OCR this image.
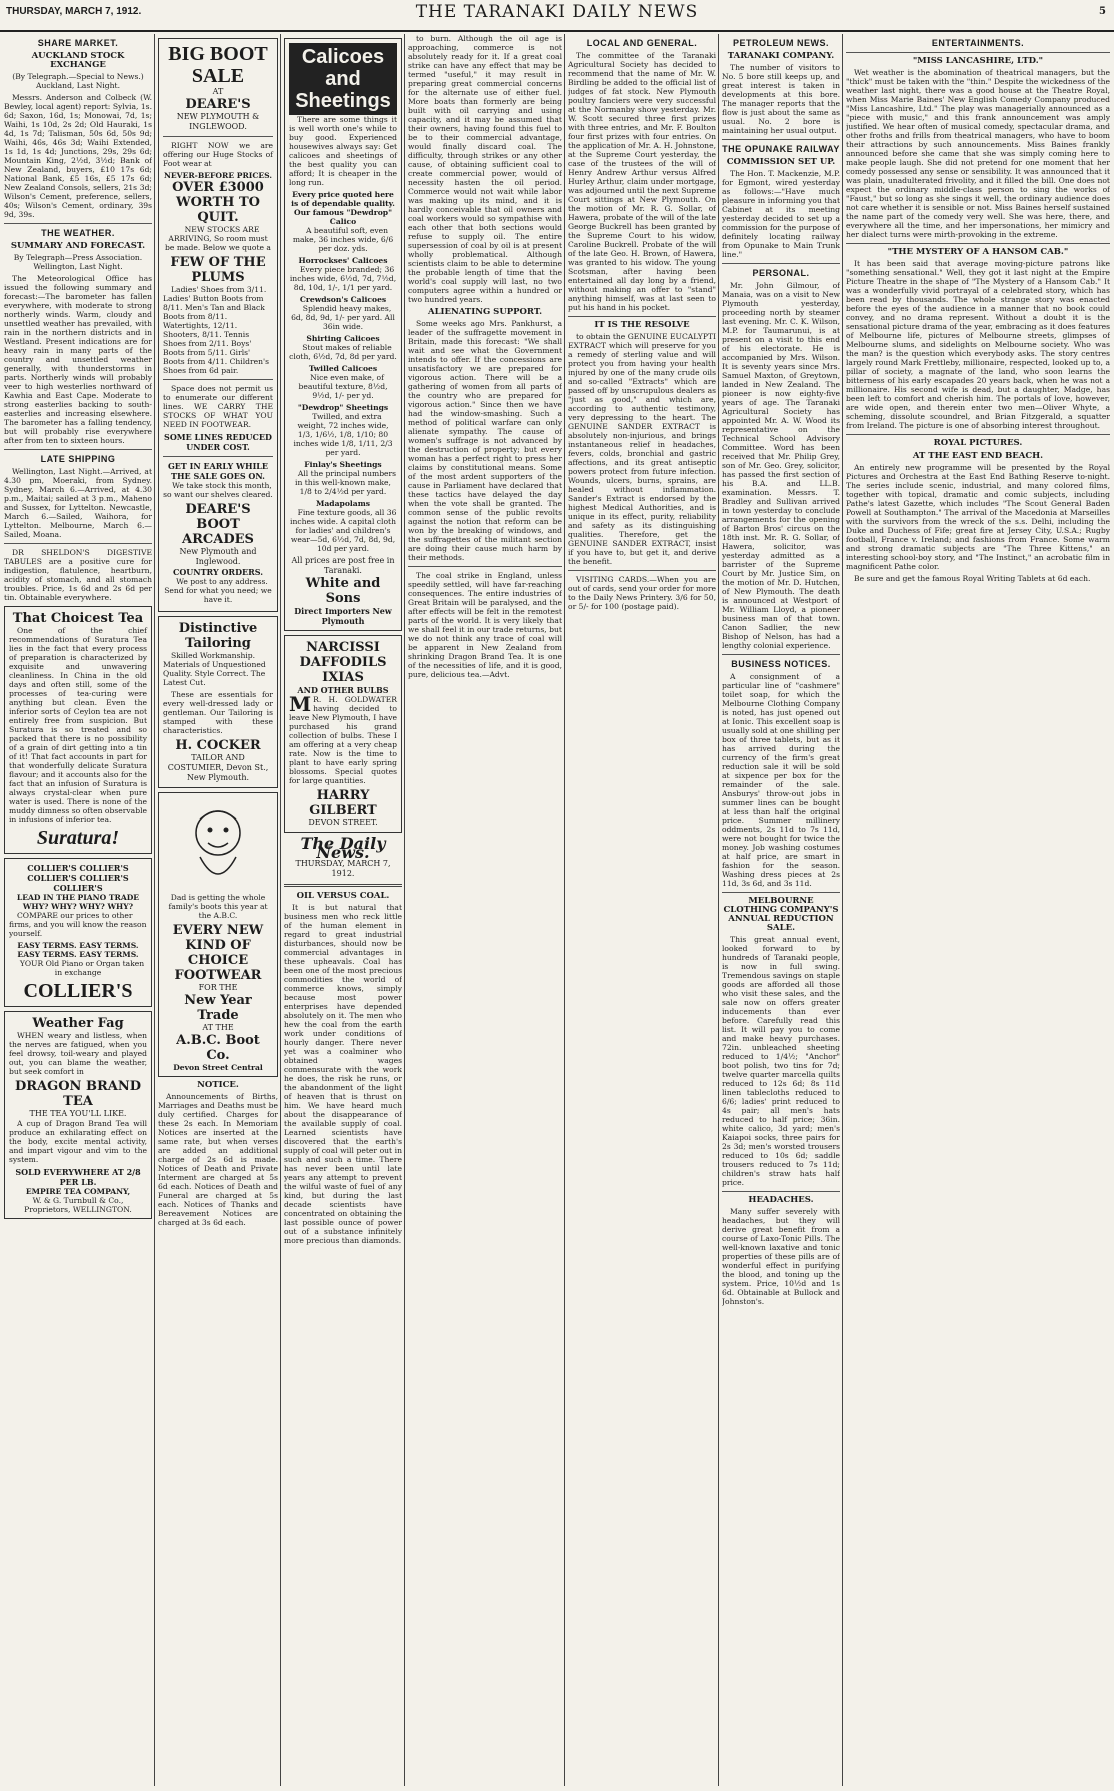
THURSDAY, MARCH 7, 1912.	THE TARANAKI DAILY NEWS	5
SHARE MARKET.
AUCKLAND STOCK EXCHANGE

(By Telegraph.—Special to News.) Auckland, Last Night.

Messrs. Anderson and Colbeck (W. Bewley, local agent) report: Sylvia, 1s. 6d; Saxon, 16d, 1s; Monowai, 7d, 1s; Waihi, 1s 10d, 2s 2d; Old Hauraki, 1s 4d, 1s 7d; Talisman, 50s 6d, 50s 9d; Waihi, 46s, 46s 3d; Waihi Extended, 1s 1d, 1s 4d; Junctions, 29s, 29s 6d; Mountain King, 2½d, 3½d; Bank of New Zealand, buyers, £10 17s 6d; National Bank, £5 16s, £5 17s 6d; New Zealand Consols, sellers, 21s 3d; Wilson's Cement, preference, sellers, 40s; Wilson's Cement, ordinary, 39s 9d, 39s.

THE WEATHER.
SUMMARY AND FORECAST.

By Telegraph—Press Association. Wellington, Last Night.

The Meteorological Office has issued the following summary and forecast:—The barometer has fallen everywhere, with moderate to strong northerly winds. Warm, cloudy and unsettled weather has prevailed, with rain in the northern districts and in Westland. Present indications are for heavy rain in many parts of the country and unsettled weather generally, with thunderstorms in parts. Northerly winds will probably veer to high westerlies northward of Kawhia and East Cape. Moderate to strong easterlies backing to south-easterlies and increasing elsewhere. The barometer has a falling tendency, but will probably rise everywhere after from ten to sixteen hours.

LATE SHIPPING

Wellington, Last Night.—Arrived, at 4.30 pm, Moeraki, from Sydney. Sydney, March 6.—Arrived, at 4.30 p.m., Maitai; sailed at 3 p.m., Maheno and Sussex, for Lyttelton. Newcastle, March 6.—Sailed, Waihora, for Lyttelton. Melbourne, March 6.—Sailed, Moana.

DR SHELDON'S DIGESTIVE TABULES are a positive cure for indigestion, flatulence, heartburn, acidity of stomach, and all stomach troubles. Price, 1s 6d and 2s 6d per tin. Obtainable everywhere.

That Choicest Tea

One of the chief recommendations of Suratura Tea lies in the fact that every process of preparation is characterized by exquisite and unwavering cleanliness. In China in the old days and often still, some of the processes of tea-curing were anything but clean. Even the inferior sorts of Ceylon tea are not entirely free from suspicion. But Suratura is so treated and so packed that there is no possibility of a grain of dirt getting into a tin of it! That fact accounts in part for that wonderfully delicate Suratura flavour; and it accounts also for the fact that an infusion of Suratura is always crystal-clear when pure water is used. There is none of the muddy dimness so often observable in infusions of inferior tea.

Suratura!
COLLIER'S COLLIER'S COLLIER'S COLLIER'S COLLIER'S
LEAD IN THE PIANO TRADE
WHY? WHY? WHY? WHY?

COMPARE our prices to other firms, and you will know the reason yourself.

EASY TERMS. EASY TERMS. EASY TERMS. EASY TERMS.

YOUR Old Piano or Organ taken in exchange

COLLIER'S
Weather Fag

WHEN weary and listless, when the nerves are fatigued, when you feel drowsy, toil-weary and played out, you can blame the weather, but seek comfort in

DRAGON BRAND TEA
THE TEA YOU'LL LIKE.

A cup of Dragon Brand Tea will produce an exhilarating effect on the body, excite mental activity, and impart vigour and vim to the system.

SOLD EVERYWHERE AT 2/8 PER LB.
EMPIRE TEA COMPANY,
W. & G. Turnbull & Co.,
Proprietors, WELLINGTON.
BIG BOOT SALE
AT
DEARE'S
NEW PLYMOUTH & INGLEWOOD.

RIGHT NOW we are offering our Huge Stocks of Foot wear at

NEVER-BEFORE PRICES.
OVER £3000 WORTH TO QUIT.

NEW STOCKS ARE ARRIVING, So room must be made. Below we quote a

FEW OF THE PLUMS

Ladies' Shoes from 3/11. Ladies' Button Boots from 8/11. Men's Tan and Black Boots from 8/11. Watertights, 12/11. Shooters, 8/11. Tennis Shoes from 2/11. Boys' Boots from 5/11. Girls' Boots from 4/11. Children's Shoes from 6d pair.

Space does not permit us to enumerate our different lines. WE CARRY THE STOCKS OF WHAT YOU NEED IN FOOTWEAR.

SOME LINES REDUCED UNDER COST.
GET IN EARLY WHILE THE SALE GOES ON.

We take stock this month, so want our shelves cleared.

DEARE'S BOOT ARCADES
New Plymouth and Inglewood.
COUNTRY ORDERS.

We post to any address. Send for what you need; we have it.

Distinctive Tailoring

Skilled Workmanship. Materials of Unquestioned Quality. Style Correct. The Latest Cut.

These are essentials for every well-dressed lady or gentleman. Our Tailoring is stamped with these characteristics.

H. COCKER
TAILOR AND COSTUMIER, Devon St., New Plymouth.

Dad is getting the whole family's boots this year at the A.B.C.

EVERY NEW KIND OF
CHOICE FOOTWEAR
FOR THE
New Year Trade
AT THE
A.B.C. Boot Co.
Devon Street Central
NOTICE.

Announcements of Births, Marriages and Deaths must be duly certified. Charges for these 2s each. In Memoriam Notices are inserted at the same rate, but when verses are added an additional charge of 2s 6d is made. Notices of Death and Private Interment are charged at 5s 6d each. Notices of Death and Funeral are charged at 5s each. Notices of Thanks and Bereavement Notices are charged at 3s 6d each.

Calicoes and Sheetings

There are some things it is well worth one's while to buy good. Experienced housewives always say: Get calicoes and sheetings of the best quality you can afford; It is cheaper in the long run.

Every price quoted here is of dependable quality.
Our famous "Dewdrop" Calico

A beautiful soft, even make, 36 inches wide, 6/6 per doz. yds.

Horrockses' Calicoes

Every piece branded; 36 inches wide, 6½d, 7d, 7½d, 8d, 10d, 1/-, 1/1 per yard.

Crewdson's Calicoes

Splendid heavy makes, 6d, 8d, 9d, 1/- per yard. All 36in wide.

Shirting Calicoes

Stout makes of reliable cloth, 6½d, 7d, 8d per yard.

Twilled Calicoes

Nice even make, of beautiful texture, 8½d, 9½d, 1/- per yd.

"Dewdrop" Sheetings

Twilled, and extra weight, 72 inches wide, 1/3, 1/6½, 1/8, 1/10; 80 inches wide 1/8, 1/11, 2/3 per yard.

Finlay's Sheetings

All the principal numbers in this well-known make, 1/8 to 2/4½d per yard.

Madapolams

Fine texture goods, all 36 inches wide. A capital cloth for ladies' and children's wear—5d, 6½d, 7d, 8d, 9d, 10d per yard.

All prices are post free in Taranaki.
White and Sons
Direct Importers New Plymouth
NARCISSI DAFFODILS IXIAS
AND OTHER BULBS

MR. H. GOLDWATER having decided to leave New Plymouth, I have purchased his grand collection of bulbs. These I am offering at a very cheap rate. Now is the time to plant to have early spring blossoms. Special quotes for large quantities.

HARRY GILBERT
DEVON STREET.
The Daily News.
THURSDAY, MARCH 7, 1912.
OIL VERSUS COAL.

It is but natural that business men who reck little of the human element in regard to great industrial disturbances, should now be commercial advantages in these upheavals. Coal has been one of the most precious commodities the world of commerce knows, simply because most power enterprises have depended absolutely on it. The men who hew the coal from the earth work under conditions of hourly danger. There never yet was a coalminer who obtained wages commensurate with the work he does, the risk he runs, or the abandonment of the light of heaven that is thrust on him. We have heard much about the disappearance of the available supply of coal. Learned scientists have discovered that the earth's supply of coal will peter out in such and such a time. There has never been until late years any attempt to prevent the wilful waste of fuel of any kind, but during the last decade scientists have concentrated on obtaining the last possible ounce of power out of a substance infinitely more precious than diamonds.

to burn. Although the oil age is approaching, commerce is not absolutely ready for it. If a great coal strike can have any effect that may be termed "useful," it may result in preparing great commercial concerns for the alternate use of either fuel. More boats than formerly are being built with oil carrying and using capacity, and it may be assumed that their owners, having found this fuel to be to their commercial advantage, would finally discard coal. The difficulty, through strikes or any other cause, of obtaining sufficient coal to create commercial power, would of necessity hasten the oil period. Commerce would not wait while labor was making up its mind, and it is hardly conceivable that oil owners and coal workers would so sympathise with each other that both sections would refuse to supply oil. The entire supersession of coal by oil is at present wholly problematical. Although scientists claim to be able to determine the probable length of time that the world's coal supply will last, no two computers agree within a hundred or two hundred years.

ALIENATING SUPPORT.

Some weeks ago Mrs. Pankhurst, a leader of the suffragette movement in Britain, made this forecast: "We shall wait and see what the Government intends to offer. If the concessions are unsatisfactory we are prepared for vigorous action. There will be a gathering of women from all parts of the country who are prepared for vigorous action." Since then we have had the window-smashing. Such a method of political warfare can only alienate sympathy. The cause of women's suffrage is not advanced by the destruction of property; but every woman has a perfect right to press her claims by constitutional means. Some of the most ardent supporters of the cause in Parliament have declared that these tactics have delayed the day when the vote shall be granted. The common sense of the public revolts against the notion that reform can be won by the breaking of windows, and the suffragettes of the militant section are doing their cause much harm by their methods.

The coal strike in England, unless speedily settled, will have far-reaching consequences. The entire industries of Great Britain will be paralysed, and the after effects will be felt in the remotest parts of the world. It is very likely that we shall feel it in our trade returns, but we do not think any trace of coal will be apparent in New Zealand from shrinking Dragon Brand Tea. It is one of the necessities of life, and it is good, pure, delicious tea.—Advt.

LOCAL AND GENERAL.

The committee of the Taranaki Agricultural Society has decided to recommend that the name of Mr. W. Birdling be added to the official list of judges of fat stock. New Plymouth poultry fanciers were very successful at the Normanby show yesterday. Mr. W. Scott secured three first prizes with three entries, and Mr. F. Boulton four first prizes with four entries. On the application of Mr. A. H. Johnstone, at the Supreme Court yesterday, the case of the trustees of the will of Henry Andrew Arthur versus Alfred Hurley Arthur, claim under mortgage, was adjourned until the next Supreme Court sittings at New Plymouth. On the motion of Mr. R. G. Sollar, of Hawera, probate of the will of the late George Buckrell has been granted by the Supreme Court to his widow, Caroline Buckrell. Probate of the will of the late Geo. H. Brown, of Hawera, was granted to his widow. The young Scotsman, after having been entertained all day long by a friend, without making an offer to "stand" anything himself, was at last seen to put his hand in his pocket.

IT IS THE RESOLVE

to obtain the GENUINE EUCALYPTI EXTRACT which will preserve for you a remedy of sterling value and will protect you from having your health injured by one of the many crude oils and so-called "Extracts" which are passed off by unscrupulous dealers as "just as good," and which are, according to authentic testimony, very depressing to the heart. The GENUINE SANDER EXTRACT is absolutely non-injurious, and brings instantaneous relief in headaches, fevers, colds, bronchial and gastric affections, and its great antiseptic powers protect from future infection. Wounds, ulcers, burns, sprains, are healed without inflammation. Sander's Extract is endorsed by the highest Medical Authorities, and is unique in its effect, purity, reliability and safety as its distinguishing qualities. Therefore, get the GENUINE SANDER EXTRACT, insist if you have to, but get it, and derive the benefit.

VISITING CARDS.—When you are out of cards, send your order for more to the Daily News Printery. 3/6 for 50, or 5/- for 100 (postage paid).

PETROLEUM NEWS.
TARANAKI COMPANY.

The number of visitors to No. 5 bore still keeps up, and great interest is taken in developments at this bore. The manager reports that the flow is just about the same as usual. No. 2 bore is maintaining her usual output.

THE OPUNAKE RAILWAY
COMMISSION SET UP.

The Hon. T. Mackenzie, M.P. for Egmont, wired yesterday as follows:—"Have much pleasure in informing you that Cabinet at its meeting yesterday decided to set up a commission for the purpose of definitely locating railway from Opunake to Main Trunk line."

PERSONAL.

Mr. John Gilmour, of Manaia, was on a visit to New Plymouth yesterday, proceeding north by steamer last evening. Mr. C. K. Wilson, M.P. for Taumarunui, is at present on a visit to this end of his electorate. He is accompanied by Mrs. Wilson. It is seventy years since Mrs. Samuel Maxton, of Greytown, landed in New Zealand. The pioneer is now eighty-five years of age. The Taranaki Agricultural Society has appointed Mr. A. W. Wood its representative on the Technical School Advisory Committee. Word has been received that Mr. Philip Grey, son of Mr. Geo. Grey, solicitor, has passed the first section of his B.A. and LL.B. examination. Messrs. T. Bradley and Sullivan arrived in town yesterday to conclude arrangements for the opening of Barton Bros' circus on the 18th inst. Mr. R. G. Sollar, of Hawera, solicitor, was yesterday admitted as a barrister of the Supreme Court by Mr. Justice Sim, on the motion of Mr. D. Hutchen, of New Plymouth. The death is announced at Westport of Mr. William Lloyd, a pioneer business man of that town. Canon Sadlier, the new Bishop of Nelson, has had a lengthy colonial experience.

BUSINESS NOTICES.

A consignment of a particular line of "cashmere" toilet soap, for which the Melbourne Clothing Company is noted, has just opened out at Ionic. This excellent soap is usually sold at one shilling per box of three tablets, but as it has arrived during the currency of the firm's great reduction sale it will be sold at sixpence per box for the remainder of the sale. Ansburys' throw-out jobs in summer lines can be bought at less than half the original price. Summer millinery oddments, 2s 11d to 7s 11d, were not bought for twice the money. Job washing costumes at half price, are smart in fashion for the season. Washing dress pieces at 2s 11d, 3s 6d, and 3s 11d.

MELBOURNE CLOTHING COMPANY'S ANNUAL REDUCTION SALE.

This great annual event, looked forward to by hundreds of Taranaki people, is now in full swing. Tremendous savings on staple goods are afforded all those who visit these sales, and the sale now on offers greater inducements than ever before. Carefully read this list. It will pay you to come and make heavy purchases. 72in. unbleached sheeting reduced to 1/4½; "Anchor" boot polish, two tins for 7d; twelve quarter marcella quilts reduced to 12s 6d; 8s 11d linen tablecloths reduced to 6/6; ladies' print reduced to 4s pair; all men's hats reduced to half price; 36in. white calico, 3d yard; men's Kaiapoi socks, three pairs for 2s 3d; men's worsted trousers reduced to 10s 6d; saddle trousers reduced to 7s 11d; children's straw hats half price.

HEADACHES.

Many suffer severely with headaches, but they will derive great benefit from a course of Laxo-Tonic Pills. The well-known laxative and tonic properties of these pills are of wonderful effect in purifying the blood, and toning up the system. Price, 10½d and 1s 6d. Obtainable at Bullock and Johnston's.

ENTERTAINMENTS.
"MISS LANCASHIRE, LTD."

Wet weather is the abomination of theatrical managers, but the "thick" must be taken with the "thin." Despite the wickedness of the weather last night, there was a good house at the Theatre Royal, when Miss Marie Baines' New English Comedy Company produced "Miss Lancashire, Ltd." The play was managerially announced as a "piece with music," and this frank announcement was amply justified. We hear often of musical comedy, spectacular drama, and other froths and frills from theatrical managers, who have to boom their attractions by such announcements. Miss Baines frankly announced before she came that she was simply coming here to make people laugh. She did not pretend for one moment that her comedy possessed any sense or sensibility. It was announced that it was plain, unadulterated frivolity, and it filled the bill. One does not expect the ordinary middle-class person to sing the works of "Faust," but so long as she sings it well, the ordinary audience does not care whether it is sensible or not. Miss Baines herself sustained the name part of the comedy very well. She was here, there, and everywhere all the time, and her impersonations, her mimicry and her dialect turns were mirth-provoking in the extreme.

"THE MYSTERY OF A HANSOM CAB."

It has been said that average moving-picture patrons like "something sensational." Well, they got it last night at the Empire Picture Theatre in the shape of "The Mystery of a Hansom Cab." It was a wonderfully vivid portrayal of a celebrated story, which has been read by thousands. The whole strange story was enacted before the eyes of the audience in a manner that no book could convey, and no drama represent. Without a doubt it is the sensational picture drama of the year, embracing as it does features of Melbourne life, pictures of Melbourne streets, glimpses of Melbourne slums, and sidelights on Melbourne society. Who was the man? is the question which everybody asks. The story centres largely round Mark Frettleby, millionaire, respected, looked up to, a pillar of society, a magnate of the land, who soon learns the bitterness of his early escapades 20 years back, when he was not a millionaire. His second wife is dead, but a daughter, Madge, has been left to comfort and cherish him. The portals of love, however, are wide open, and therein enter two men—Oliver Whyte, a scheming, dissolute scoundrel, and Brian Fitzgerald, a squatter from Ireland. The picture is one of absorbing interest throughout.

ROYAL PICTURES.
AT THE EAST END BEACH.

An entirely new programme will be presented by the Royal Pictures and Orchestra at the East End Bathing Reserve to-night. The series include scenic, industrial, and many colored films, together with topical, dramatic and comic subjects, including Pathe's latest Gazette, which includes "The Scout General Baden Powell at Southampton." The arrival of the Macedonia at Marseilles with the survivors from the wreck of the s.s. Delhi, including the Duke and Duchess of Fife; great fire at Jersey City, U.S.A.; Rugby football, France v. Ireland; and fashions from France. Some warm and strong dramatic subjects are "The Three Kittens," an interesting school-boy story, and "The Instinct," an acrobatic film in magnificent Pathe color.

Be sure and get the famous Royal Writing Tablets at 6d each.
